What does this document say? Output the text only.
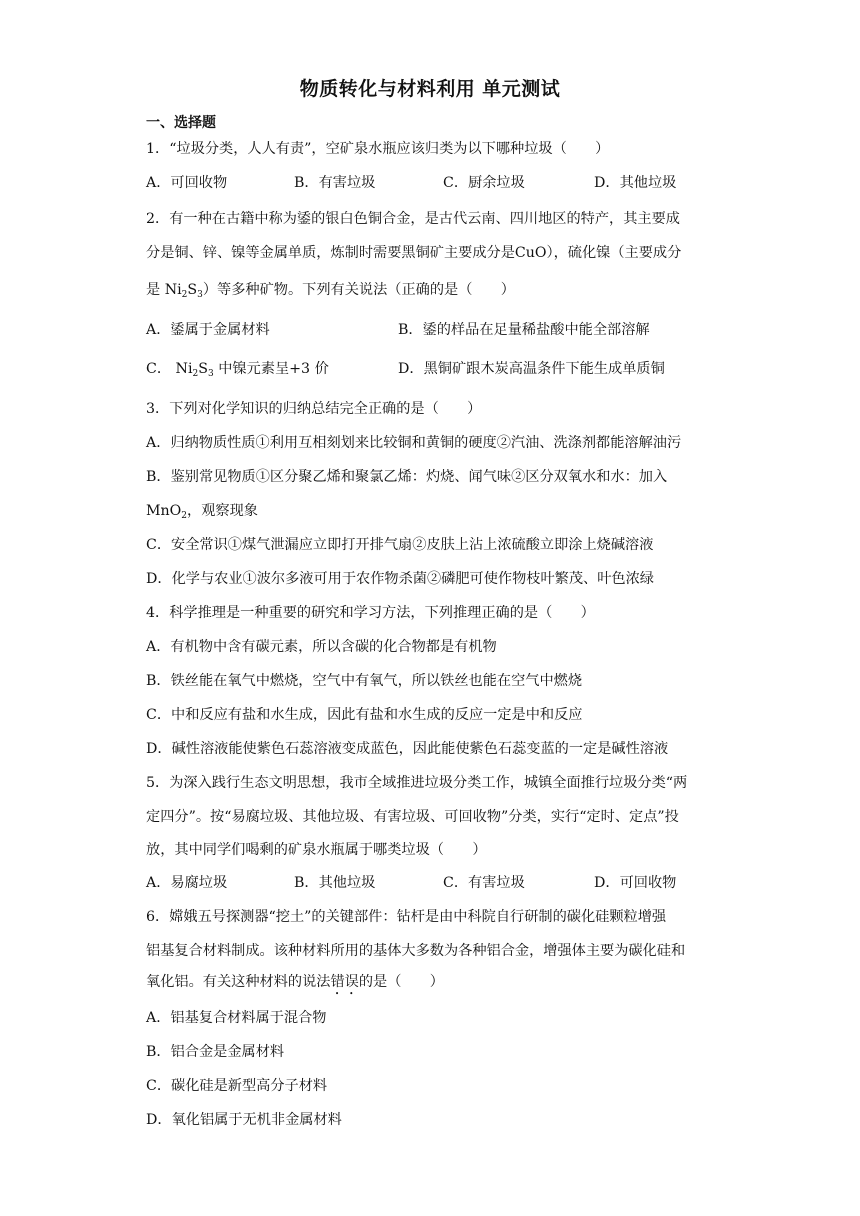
物质转化与材料利用 单元测试
一、选择题
1．“垃圾分类，人人有责”，空矿泉水瓶应该归类为以下哪种垃圾（　　）
A．可回收物	B．有害垃圾	C．厨余垃圾	D．其他垃圾
2．有一种在古籍中称为鋈的银白色铜合金，是古代云南、四川地区的特产，其主要成
分是铜、锌、镍等金属单质，炼制时需要黑铜矿主要成分是CuO），硫化镍（主要成分
是 $Ni_2S_3$）等多种矿物。下列有关说法（正确的是（　　）
A．鋈属于金属材料	B．鋈的样品在足量稀盐酸中能全部溶解
C． $Ni_2S_3$ 中镍元素呈+3 价	D．黑铜矿跟木炭高温条件下能生成单质铜
3．下列对化学知识的归纳总结完全正确的是（　　）
A．归纳物质性质①利用互相刻划来比较铜和黄铜的硬度②汽油、洗涤剂都能溶解油污
B．鉴别常见物质①区分聚乙烯和聚氯乙烯：灼烧、闻气味②区分双氧水和水：加入
MnO$_2$，观察现象
C．安全常识①煤气泄漏应立即打开排气扇②皮肤上沾上浓硫酸立即涂上烧碱溶液
D．化学与农业①波尔多液可用于农作物杀菌②磷肥可使作物枝叶繁茂、叶色浓绿
4．科学推理是一种重要的研究和学习方法，下列推理正确的是（　　）
A．有机物中含有碳元素，所以含碳的化合物都是有机物
B．铁丝能在氧气中燃烧，空气中有氧气，所以铁丝也能在空气中燃烧
C．中和反应有盐和水生成，因此有盐和水生成的反应一定是中和反应
D．碱性溶液能使紫色石蕊溶液变成蓝色，因此能使紫色石蕊变蓝的一定是碱性溶液
5．为深入践行生态文明思想，我市全域推进垃圾分类工作，城镇全面推行垃圾分类“两
定四分”。按“易腐垃圾、其他垃圾、有害垃圾、可回收物”分类，实行“定时、定点”投
放，其中同学们喝剩的矿泉水瓶属于哪类垃圾（　　）
A．易腐垃圾	B．其他垃圾	C．有害垃圾	D．可回收物
6．嫦娥五号探测器“挖土”的关键部件：钻杆是由中科院自行研制的碳化硅颗粒增强
铝基复合材料制成。该种材料所用的基体大多数为各种铝合金，增强体主要为碳化硅和
氧化铝。有关这种材料的说法错误的是（　　）
A．铝基复合材料属于混合物
B．铝合金是金属材料
C．碳化硅是新型高分子材料
D．氧化铝属于无机非金属材料
